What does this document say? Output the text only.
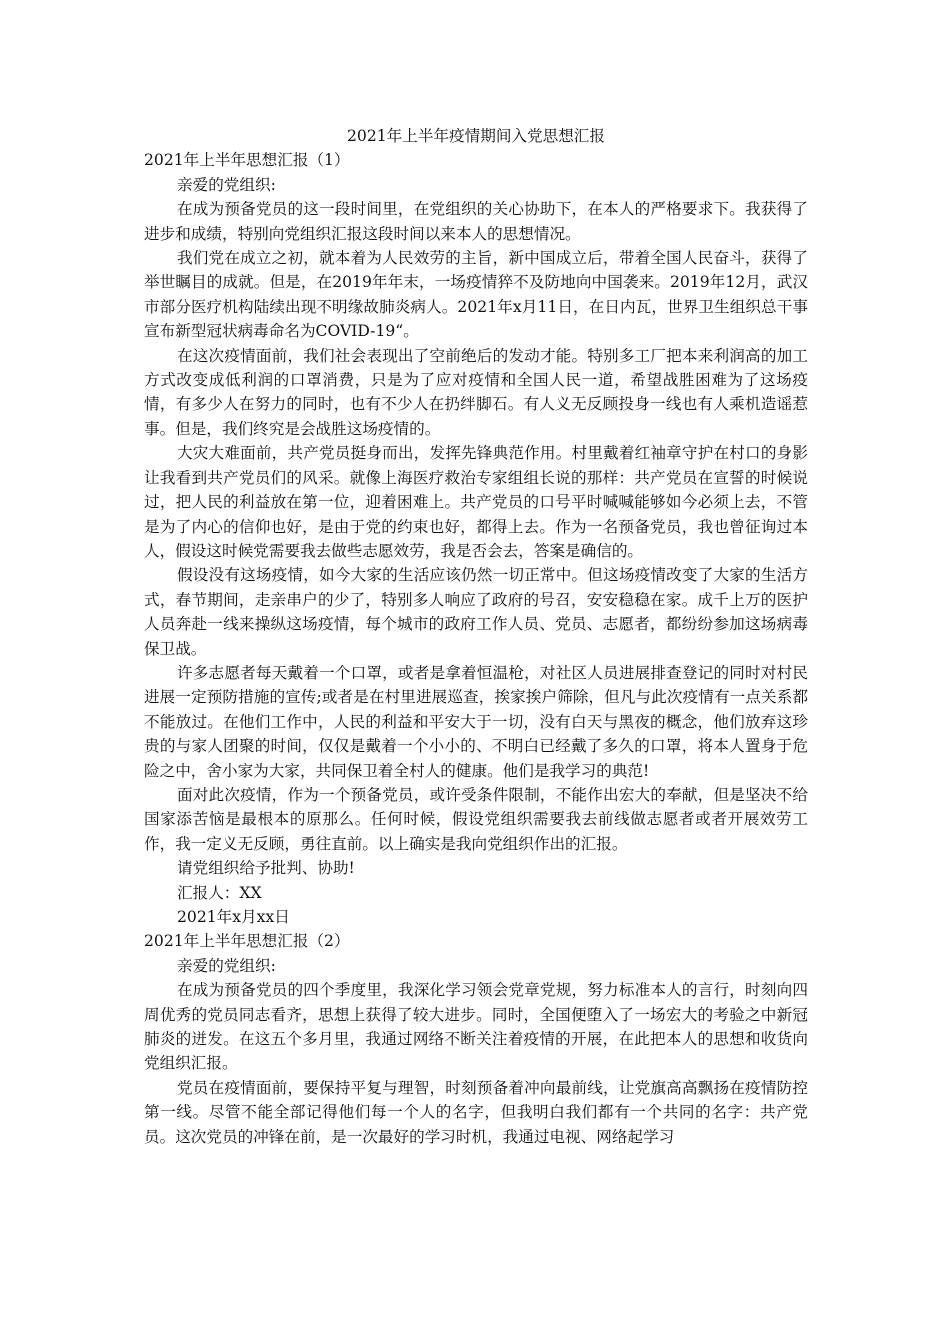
2021年上半年疫情期间入党思想汇报

2021年上半年思想汇报（1）

亲爱的党组织:

在成为预备党员的这一段时间里，在党组织的关心协助下，在本人的严格要求下。我获得了进步和成绩，特别向党组织汇报这段时间以来本人的思想情况。

我们党在成立之初，就本着为人民效劳的主旨，新中国成立后，带着全国人民奋斗，获得了举世瞩目的成就。但是，在2019年年末，一场疫情猝不及防地向中国袭来。2019年12月，武汉市部分医疗机构陆续出现不明缘故肺炎病人。2021年x月11日，在日内瓦，世界卫生组织总干事宣布新型冠状病毒命名为COVID-19“。

在这次疫情面前，我们社会表现出了空前绝后的发动才能。特别多工厂把本来利润高的加工方式改变成低利润的口罩消费，只是为了应对疫情和全国人民一道，希望战胜困难为了这场疫情，有多少人在努力的同时，也有不少人在扔绊脚石。有人义无反顾投身一线也有人乘机造谣惹事。但是，我们终究是会战胜这场疫情的。

大灾大难面前，共产党员挺身而出，发挥先锋典范作用。村里戴着红袖章守护在村口的身影让我看到共产党员们的风采。就像上海医疗救治专家组组长说的那样：共产党员在宣誓的时候说过，把人民的利益放在第一位，迎着困难上。共产党员的口号平时喊喊能够如今必须上去，不管是为了内心的信仰也好，是由于党的约束也好，都得上去。作为一名预备党员，我也曾征询过本人，假设这时候党需要我去做些志愿效劳，我是否会去，答案是确信的。

假设没有这场疫情，如今大家的生活应该仍然一切正常中。但这场疫情改变了大家的生活方式，春节期间，走亲串户的少了，特别多人响应了政府的号召，安安稳稳在家。成千上万的医护人员奔赴一线来操纵这场疫情，每个城市的政府工作人员、党员、志愿者，都纷纷参加这场病毒保卫战。

许多志愿者每天戴着一个口罩，或者是拿着恒温枪，对社区人员进展排查登记的同时对村民进展一定预防措施的宣传;或者是在村里进展巡查，挨家挨户筛除，但凡与此次疫情有一点关系都不能放过。在他们工作中，人民的利益和平安大于一切，没有白天与黑夜的概念，他们放弃这珍贵的与家人团聚的时间，仅仅是戴着一个小小的、不明白已经戴了多久的口罩，将本人置身于危险之中，舍小家为大家，共同保卫着全村人的健康。他们是我学习的典范!

面对此次疫情，作为一个预备党员，或许受条件限制，不能作出宏大的奉献，但是坚决不给国家添苦恼是最根本的原那么。任何时候，假设党组织需要我去前线做志愿者或者开展效劳工作，我一定义无反顾，勇往直前。以上确实是我向党组织作出的汇报。

请党组织给予批判、协助!

汇报人：XX

2021年x月xx日

2021年上半年思想汇报（2）

亲爱的党组织:

在成为预备党员的四个季度里，我深化学习领会党章党规，努力标准本人的言行，时刻向四周优秀的党员同志看齐，思想上获得了较大进步。同时，全国便堕入了一场宏大的考验之中新冠肺炎的迸发。在这五个多月里，我通过网络不断关注着疫情的开展，在此把本人的思想和收货向党组织汇报。

党员在疫情面前，要保持平复与理智，时刻预备着冲向最前线，让党旗高高飘扬在疫情防控第一线。尽管不能全部记得他们每一个人的名字，但我明白我们都有一个共同的名字：共产党员。这次党员的冲锋在前，是一次最好的学习时机，我通过电视、网络起学习
